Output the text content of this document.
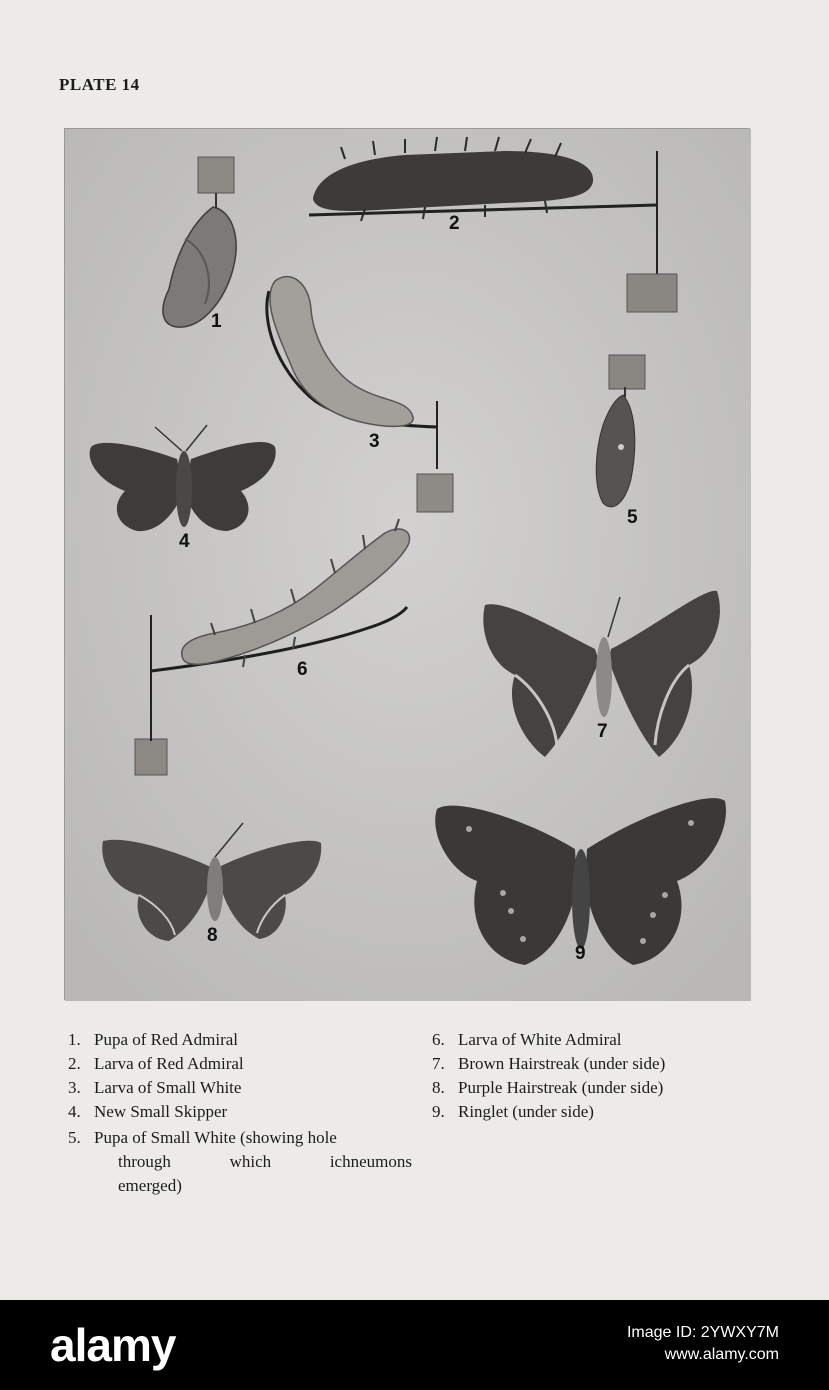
PLATE 14
1
2
3
4
5
6
7
8
9
1. Pupa of Red Admiral
2. Larva of Red Admiral
3. Larva of Small White
4. New Small Skipper
5. Pupa of Small White (showing hole
through which ichneumons
emerged)
6. Larva of White Admiral
7. Brown Hairstreak (under side)
8. Purple Hairstreak (under side)
9. Ringlet (under side)
alamy	Image ID: 2YWXY7M
www.alamy.com
